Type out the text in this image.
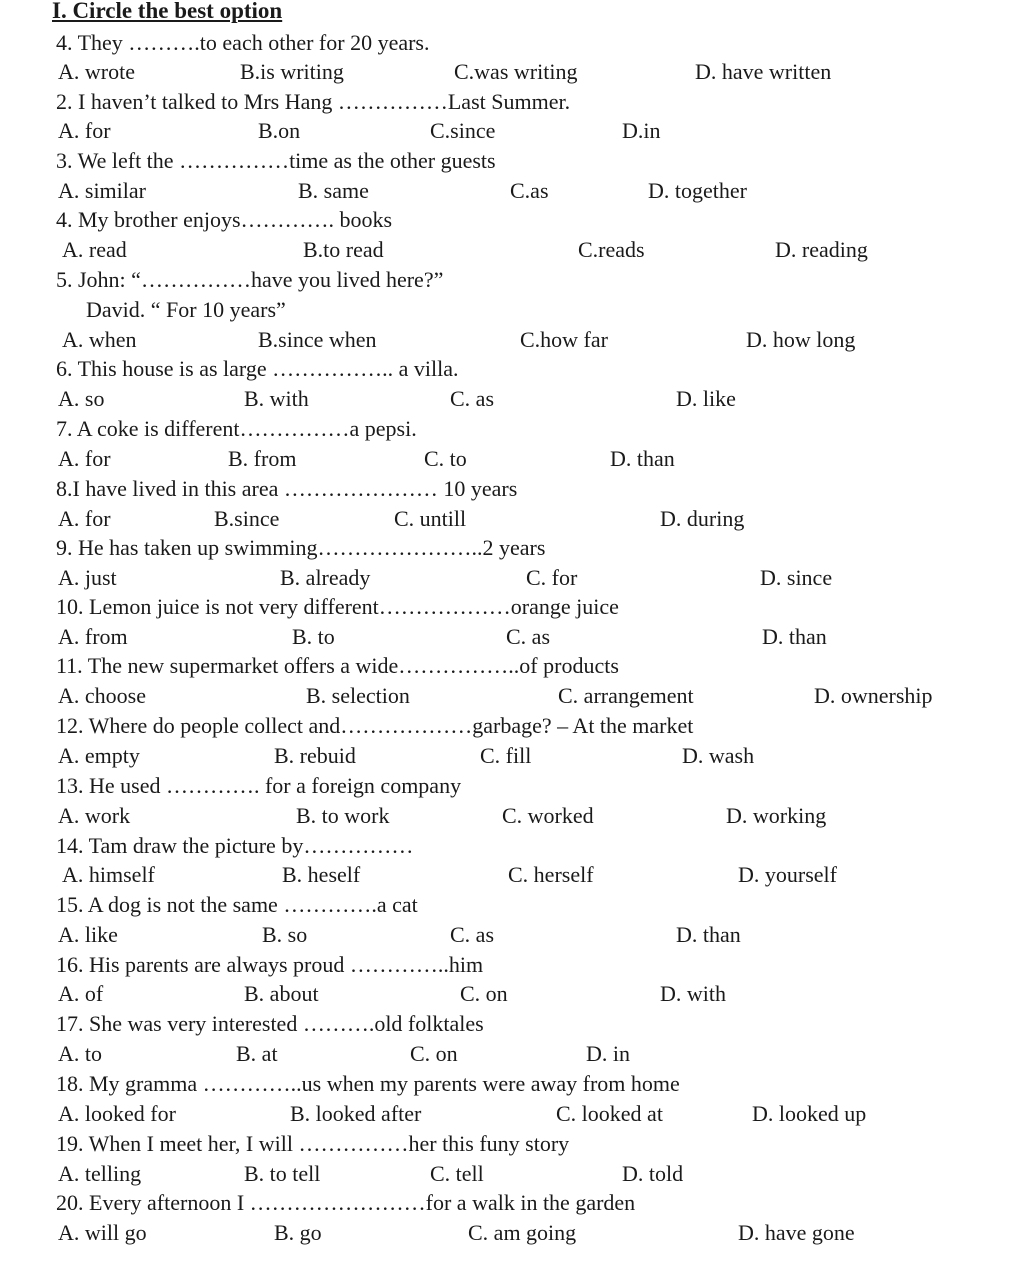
I. Circle the best option
4. They ……….to each other for 20 years.
A. wrote	B.is writing	C.was writing	D. have written
2. I haven’t talked to Mrs Hang ……………Last Summer.
A. for	B.on	C.since	D.in
3. We left the ……………time as the other guests
A. similar	B. same	C.as	D. together
4. My brother enjoys…………. books
A. read	B.to read	C.reads	D. reading
5. John: “……………have you lived here?”
David. “ For 10 years”
A. when	B.since when	C.how far	D. how long
6. This house is as large …………….. a villa.
A. so	B. with	C. as	D. like
7. A coke is different……………a pepsi.
A. for	B. from	C. to	D. than
8.I have lived in this area ………………… 10 years
A. for	B.since	C. untill	D. during
9. He has taken up swimming…………………..2 years
A. just	B. already	C. for	D. since
10. Lemon juice is not very different………………orange juice
A. from	B. to	C. as	D. than
11. The new supermarket offers a wide……………..of products
A. choose	B. selection	C. arrangement	D. ownership
12. Where do people collect and………………garbage? – At the market
A. empty	B. rebuid	C. fill	D. wash
13. He used …………. for a foreign company
A. work	B. to work	C. worked	D. working
14. Tam draw the picture by……………
A. himself	B. heself	C. herself	D. yourself
15. A dog is not the same ………….a cat
A. like	B. so	C. as	D. than
16. His parents are always proud …………..him
A. of	B. about	C. on	D. with
17. She was very interested ……….old folktales
A. to	B. at	C. on	D. in
18. My gramma …………..us when my parents were away from home
A. looked for	B. looked after	C. looked at	D. looked up
19. When I meet her, I will ……………her this funy story
A. telling	B. to tell	C. tell	D. told
20. Every afternoon I ……………………for a walk in the garden
A. will go	B. go	C. am going	D. have gone
